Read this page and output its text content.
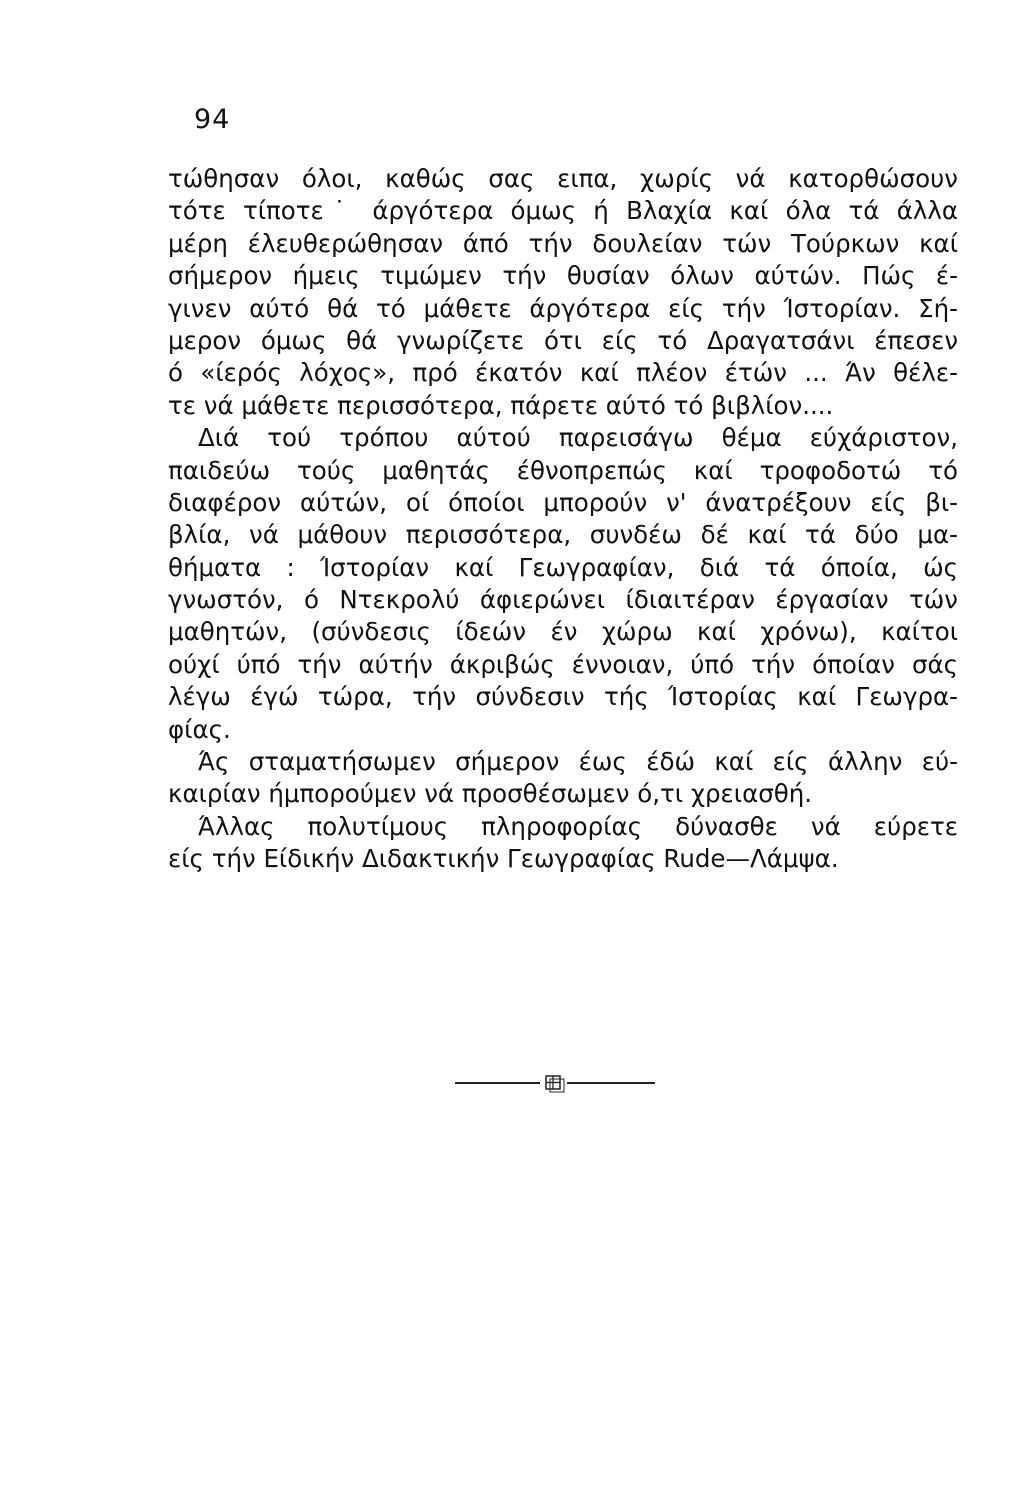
94
τώθησαν όλοι, καθώς σας ειπα, χωρίς νά κατορθώσουν
τότε τίποτε˙ άργότερα όμως ή Βλαχία καί όλα τά άλλα
μέρη έλευθερώθησαν άπό τήν δουλείαν τών Τούρκων καί
σήμερον ήμεις τιμώμεν τήν θυσίαν όλων αύτών. Πώς έ-
γινεν αύτό θά τό μάθετε άργότερα είς τήν Ίστορίαν. Σή-
μερον όμως θά γνωρίζετε ότι είς τό Δραγατσάνι έπεσεν
ό «ίερός λόχος», πρό έκατόν καί πλέον έτών ... Άν θέλε-
τε νά μάθετε περισσότερα, πάρετε αύτό τό βιβλίον....
Διά τού τρόπου αύτού παρεισάγω θέμα εύχάριστον,
παιδεύω τούς μαθητάς έθνοπρεπώς καί τροφοδοτώ τό
διαφέρον αύτών, οί όποίοι μπορούν ν' άνατρέξουν είς βι-
βλία, νά μάθουν περισσότερα, συνδέω δέ καί τά δύο μα-
θήματα : Ίστορίαν καί Γεωγραφίαν, διά τά όποία, ώς
γνωστόν, ό Ντεκρολύ άφιερώνει ίδιαιτέραν έργασίαν τών
μαθητών, (σύνδεσις ίδεών έν χώρω καί χρόνω), καίτοι
ούχί ύπό τήν αύτήν άκριβώς έννοιαν, ύπό τήν όποίαν σάς
λέγω έγώ τώρα, τήν σύνδεσιν τής Ίστορίας καί Γεωγρα-
φίας.
Άς σταματήσωμεν σήμερον έως έδώ καί είς άλλην εύ-
καιρίαν ήμπορούμεν νά προσθέσωμεν ό,τι χρειασθή.
Άλλας πολυτίμους πληροφορίας δύνασθε νά εύρετε
είς τήν Είδικήν Διδακτικήν Γεωγραφίας Rude—Λάμψα.
